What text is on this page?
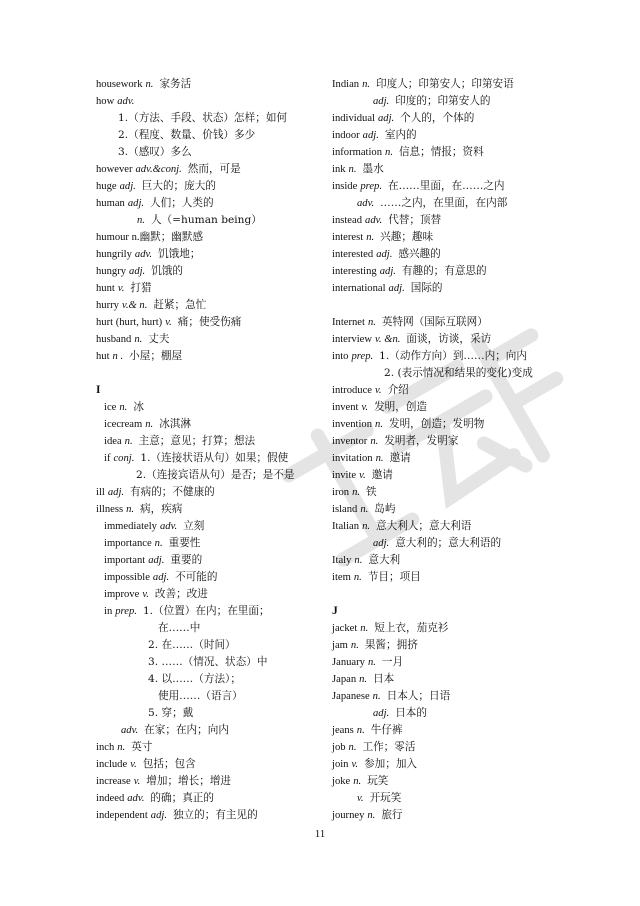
housework n. 家务活
how adv.
1.（方法、手段、状态）怎样；如何
2.（程度、数量、价钱）多少
3.（感叹）多么
however adv.&conj. 然而，可是
huge adj. 巨大的；庞大的
human adj. 人们；人类的
n. 人（=human being）
humour n.幽默；幽默感
hungrily adv. 饥饿地；
hungry adj. 饥饿的
hunt v. 打猎
hurry v.& n. 赶紧；急忙
hurt (hurt, hurt) v. 痛；使受伤痛
husband n. 丈夫
hut n . 小屋；棚屋
I
ice n. 冰
icecream n. 冰淇淋
idea n. 主意；意见；打算；想法
if conj. 1.（连接状语从句）如果；假使
2.（连接宾语从句）是否；是不是
ill adj. 有病的；不健康的
illness n. 病，疾病
immediately adv. 立刻
importance n. 重要性
important adj. 重要的
impossible adj. 不可能的
improve v. 改善；改进
in prep. 1.（位置）在内；在里面；
在……中
2. 在……（时间）
3. ……（情况、状态）中
4. 以……（方法）；
使用……（语言）
5. 穿；戴
adv. 在家；在内；向内
inch n. 英寸
include v. 包括；包含
increase v. 增加；增长；增进
indeed adv. 的确；真正的
independent adj. 独立的；有主见的
Indian n. 印度人；印第安人；印第安语
adj. 印度的；印第安人的
individual adj. 个人的，个体的
indoor adj. 室内的
information n. 信息；情报；资料
ink n. 墨水
inside prep. 在……里面，在……之内
adv. ……之内，在里面，在内部
instead adv. 代替；顶替
interest n. 兴趣；趣味
interested adj. 感兴趣的
interesting adj. 有趣的；有意思的
international adj. 国际的
Internet n. 英特网（国际互联网）
interview v. &n. 面谈，访谈，采访
into prep. 1.（动作方向）到……内；向内
2. (表示情况和结果的变化)变成
introduce v. 介绍
invent v. 发明，创造
invention n. 发明，创造；发明物
inventor n. 发明者，发明家
invitation n. 邀请
invite v. 邀请
iron n. 铁
island n. 岛屿
Italian n. 意大利人；意大利语
adj. 意大利的；意大利语的
Italy n. 意大利
item n. 节目；项目
J
jacket n. 短上衣，茄克衫
jam n. 果酱；拥挤
January n. 一月
Japan n. 日本
Japanese n. 日本人；日语
adj. 日本的
jeans n. 牛仔裤
job n. 工作；零活
join v. 参加；加入
joke n. 玩笑
v. 开玩笑
journey n. 旅行
11
